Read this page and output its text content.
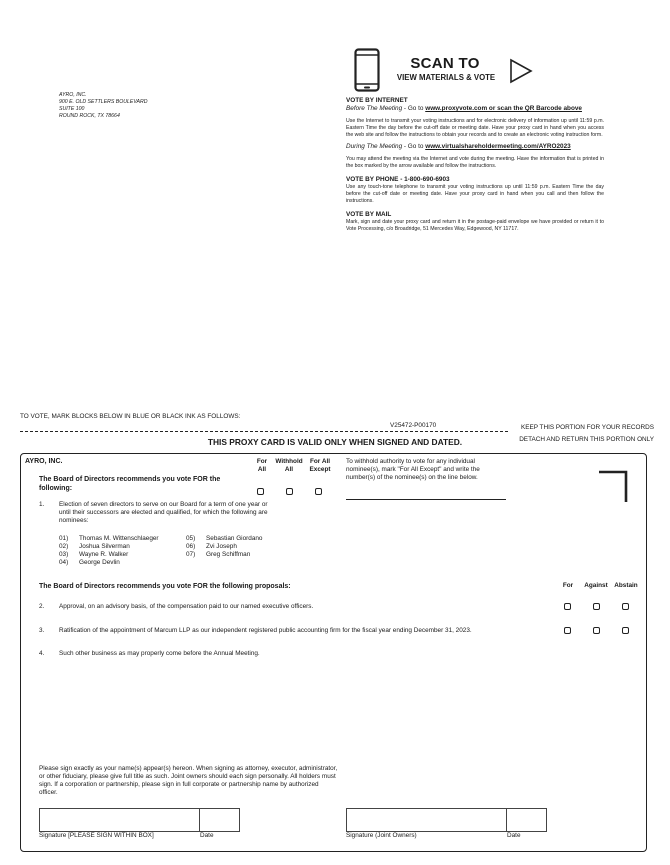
AYRO, INC.
900 E. OLD SETTLERS BOULEVARD
SUITE 100
ROUND ROCK, TX 78664
SCAN TO
VIEW MATERIALS & VOTE
VOTE BY INTERNET
Before The Meeting - Go to www.proxyvote.com or scan the QR Barcode above
Use the Internet to transmit your voting instructions and for electronic delivery of information up until 11:59 p.m. Eastern Time the day before the cut-off date or meeting date. Have your proxy card in hand when you access the web site and follow the instructions to obtain your records and to create an electronic voting instruction form.
During The Meeting - Go to www.virtualshareholdermeeting.com/AYRO2023
You may attend the meeting via the Internet and vote during the meeting. Have the information that is printed in the box marked by the arrow available and follow the instructions.
VOTE BY PHONE - 1-800-690-6903
Use any touch-tone telephone to transmit your voting instructions up until 11:59 p.m. Eastern Time the day before the cut-off date or meeting date. Have your proxy card in hand when you call and then follow the instructions.
VOTE BY MAIL
Mark, sign and date your proxy card and return it in the postage-paid envelope we have provided or return it to Vote Processing, c/o Broadridge, 51 Mercedes Way, Edgewood, NY 11717.
TO VOTE, MARK BLOCKS BELOW IN BLUE OR BLACK INK AS FOLLOWS:
V25472-P00170	KEEP THIS PORTION FOR YOUR RECORDS
THIS PROXY CARD IS VALID ONLY WHEN SIGNED AND DATED.	DETACH AND RETURN THIS PORTION ONLY
AYRO, INC.	For
All
Withhold
All
For All
Except
To withhold authority to vote for any individual nominee(s), mark "For All Except" and write the number(s) of the nominee(s) on the line below.
The Board of Directors recommends you vote FOR the following:
1. Election of seven directors to serve on our Board for a term of one year or until their successors are elected and qualified, for which the following are nominees:
01) Thomas M. Wittenschlaeger
02) Joshua Silverman
03) Wayne R. Walker
04) George Devlin
05) Sebastian Giordano
06) Zvi Joseph
07) Greg Schiffman
The Board of Directors recommends you vote FOR the following proposals:	For	Against	Abstain
2. Approval, on an advisory basis, of the compensation paid to our named executive officers.
3. Ratification of the appointment of Marcum LLP as our independent registered public accounting firm for the fiscal year ending December 31, 2023.
4. Such other business as may properly come before the Annual Meeting.
Please sign exactly as your name(s) appear(s) hereon. When signing as attorney, executor, administrator, or other fiduciary, please give full title as such. Joint owners should each sign personally. All holders must sign. If a corporation or partnership, please sign in full corporate or partnership name by authorized officer.
Signature [PLEASE SIGN WITHIN BOX]	Date	Signature (Joint Owners)	Date
